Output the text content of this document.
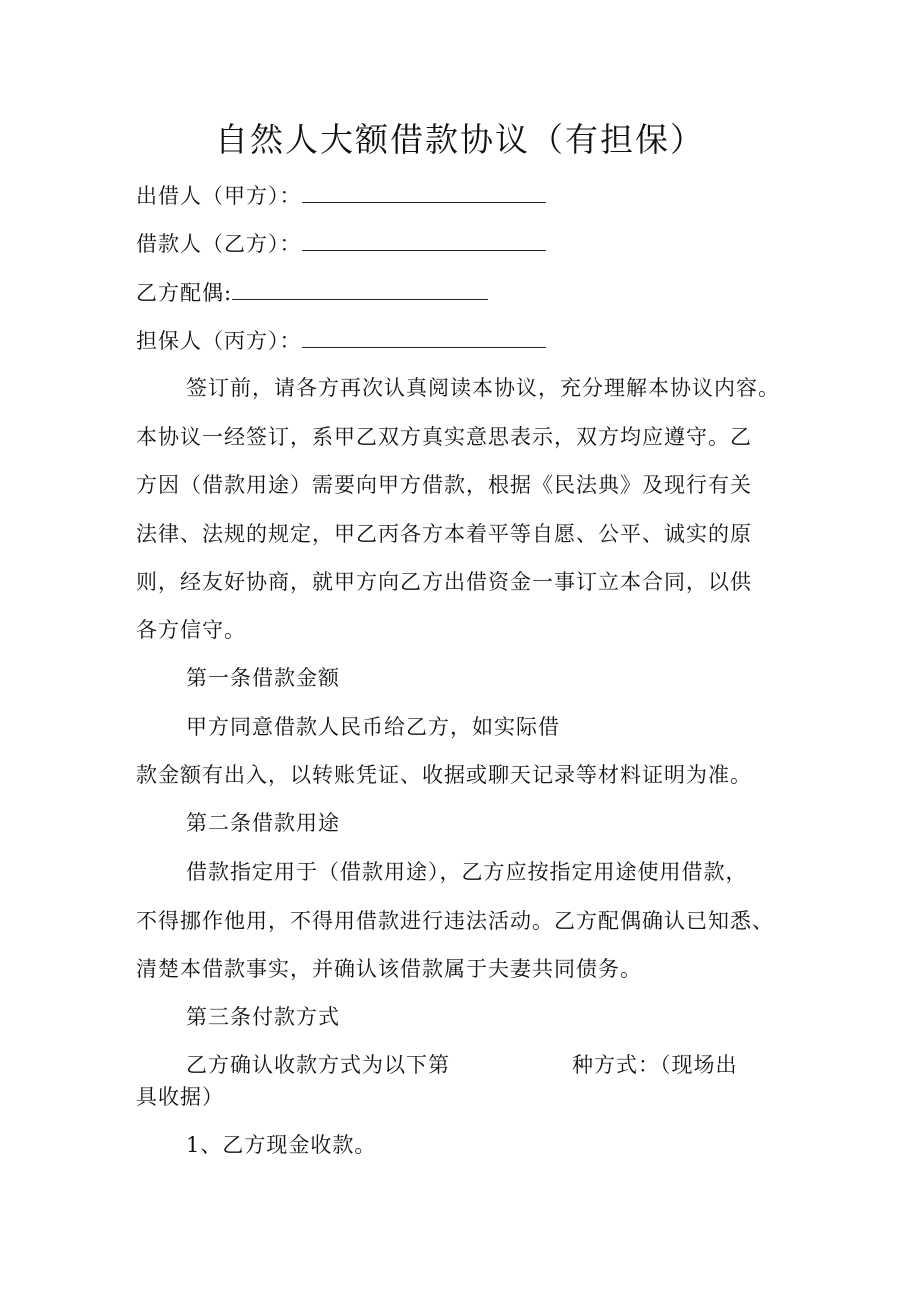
自然人大额借款协议（有担保）
出借人（甲方）：
借款人（乙方）：
乙方配偶:
担保人（丙方）：
签订前，请各方再次认真阅读本协议，充分理解本协议内容。
本协议一经签订，系甲乙双方真实意思表示，双方均应遵守。乙
方因（借款用途）需要向甲方借款，根据《民法典》及现行有关
法律、法规的规定，甲乙丙各方本着平等自愿、公平、诚实的原
则，经友好协商，就甲方向乙方出借资金一事订立本合同，以供
各方信守。
第一条借款金额
甲方同意借款人民币给乙方，如实际借
款金额有出入，以转账凭证、收据或聊天记录等材料证明为准。
第二条借款用途
借款指定用于（借款用途），乙方应按指定用途使用借款，
不得挪作他用，不得用借款进行违法活动。乙方配偶确认已知悉、
清楚本借款事实，并确认该借款属于夫妻共同债务。
第三条付款方式
乙方确认收款方式为以下第	种方式：（现场出
具收据）
1、乙方现金收款。
